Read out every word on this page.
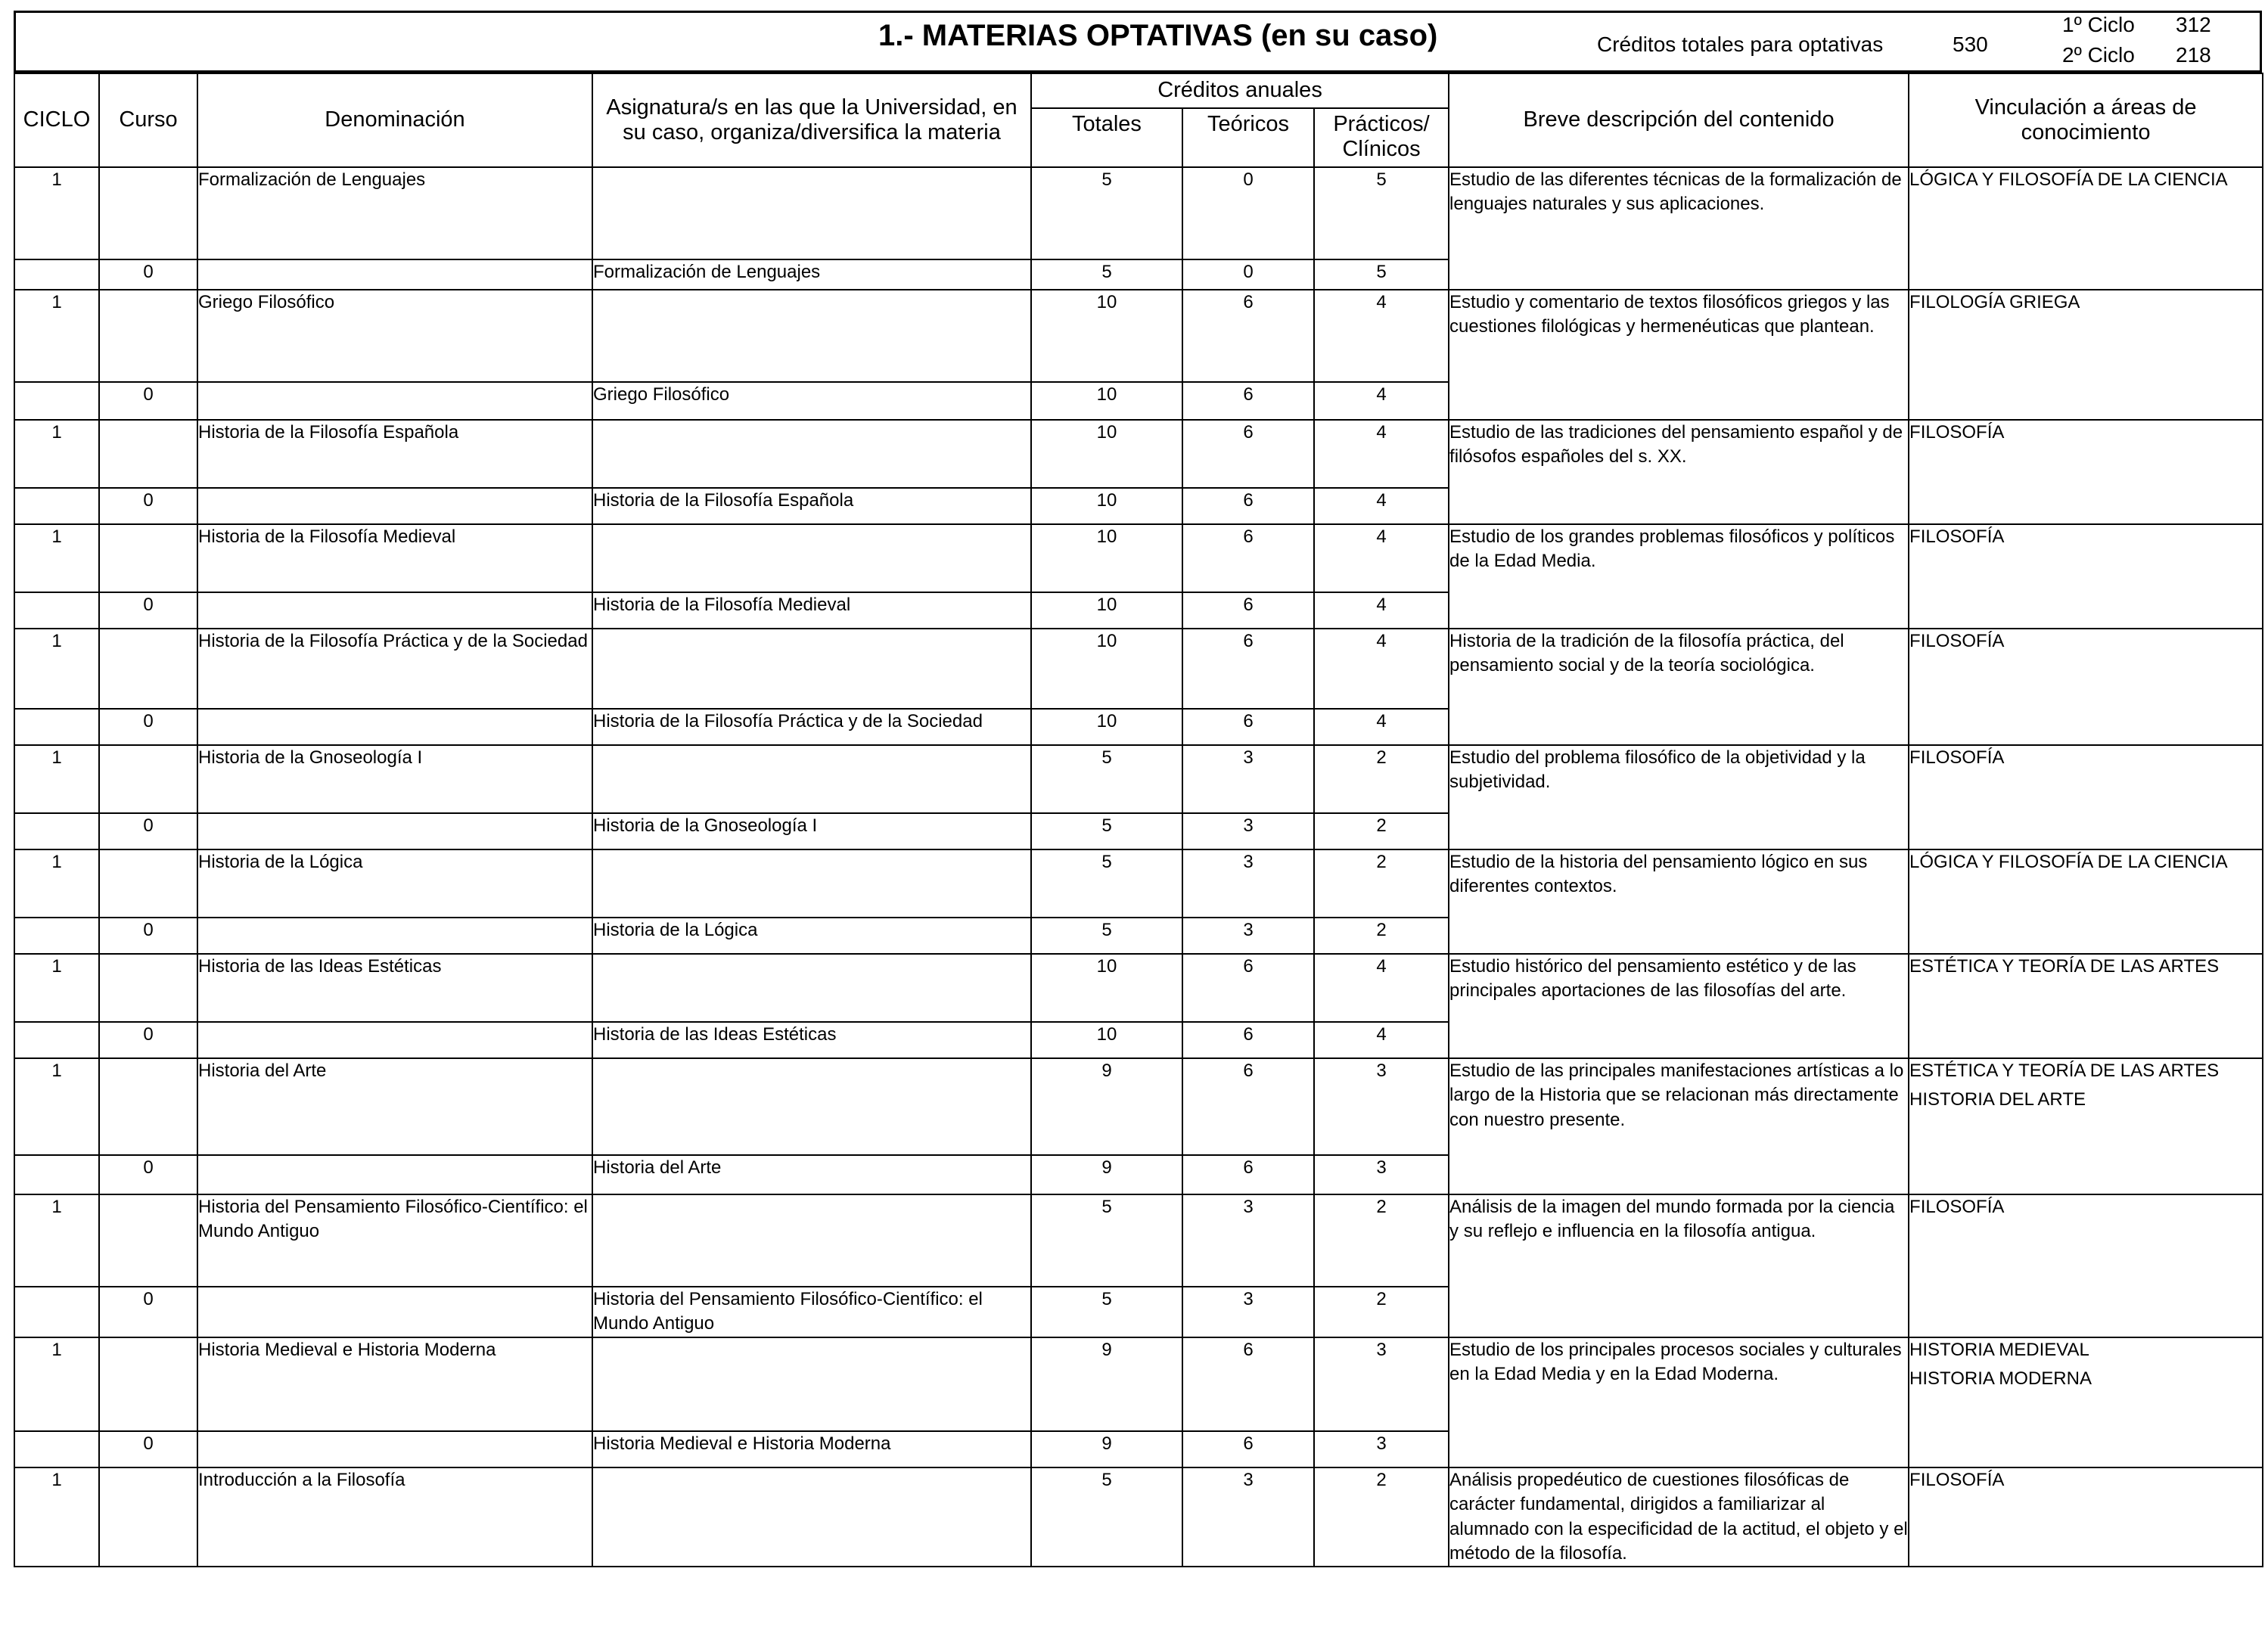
1.- MATERIAS OPTATIVAS (en su caso)	Créditos totales para optativas	530
1º Ciclo 312
2º Ciclo 218
CICLO	Curso	Denominación	Asignatura/s en las que la Universidad, en su caso, organiza/diversifica la materia	Créditos anuales			Breve descripción del contenido	Vinculación a áreas de conocimiento
				Totales	Teóricos	Prácticos/ Clínicos		
1		Formalización de Lenguajes		5	0	5	Estudio de las diferentes técnicas de la formalización de lenguajes naturales y sus aplicaciones.	LÓGICA Y FILOSOFÍA DE LA CIENCIA

	0		Formalización de Lenguajes	5	0	5		
1		Griego Filosófico		10	6	4	Estudio y comentario de textos filosóficos griegos y las cuestiones filológicas y hermenéuticas que plantean.	FILOLOGÍA GRIEGA

	0		Griego Filosófico	10	6	4		
1		Historia de la Filosofía Española		10	6	4	Estudio de las tradiciones del pensamiento español y de filósofos españoles del s. XX.	FILOSOFÍA

	0		Historia de la Filosofía Española	10	6	4		
1		Historia de la Filosofía Medieval		10	6	4	Estudio de los grandes problemas filosóficos y políticos de la Edad Media.	FILOSOFÍA

	0		Historia de la Filosofía Medieval	10	6	4		
1		Historia de la Filosofía Práctica y de la Sociedad		10	6	4	Historia de la tradición de la filosofía práctica, del pensamiento social y de la teoría sociológica.	FILOSOFÍA

	0		Historia de la Filosofía Práctica y de la Sociedad	10	6	4		
1		Historia de la Gnoseología I		5	3	2	Estudio del problema filosófico de la objetividad y la subjetividad.	FILOSOFÍA

	0		Historia de la Gnoseología I	5	3	2		
1		Historia de la Lógica		5	3	2	Estudio de la historia del pensamiento lógico en sus diferentes contextos.	LÓGICA Y FILOSOFÍA DE LA CIENCIA

	0		Historia de la Lógica	5	3	2		
1		Historia de las Ideas Estéticas		10	6	4	Estudio histórico del pensamiento estético y de las principales aportaciones de las filosofías del arte.	ESTÉTICA Y TEORÍA DE LAS ARTES

	0		Historia de las Ideas Estéticas	10	6	4		
1		Historia del Arte		9	6	3	Estudio de las principales manifestaciones artísticas a lo largo de la Historia que se relacionan más directamente con nuestro presente.	ESTÉTICA Y TEORÍA DE LAS ARTES
HISTORIA DEL ARTE

	0		Historia del Arte	9	6	3		
1		Historia del Pensamiento Filosófico-Científico: el Mundo Antiguo		5	3	2	Análisis de la imagen del mundo formada por la ciencia y su reflejo e influencia en la filosofía antigua.	FILOSOFÍA

	0		Historia del Pensamiento Filosófico-Científico: el Mundo Antiguo	5	3	2		
1		Historia Medieval e Historia Moderna		9	6	3	Estudio de los principales procesos sociales y culturales en la Edad Media y en la Edad Moderna.	HISTORIA MEDIEVAL
HISTORIA MODERNA

	0		Historia Medieval e Historia Moderna	9	6	3		
1		Introducción a la Filosofía		5	3	2	Análisis propedéutico de cuestiones filosóficas de carácter fundamental, dirigidos a familiarizar al alumnado con la especificidad de la actitud, el objeto y el método de la filosofía.	FILOSOFÍA
